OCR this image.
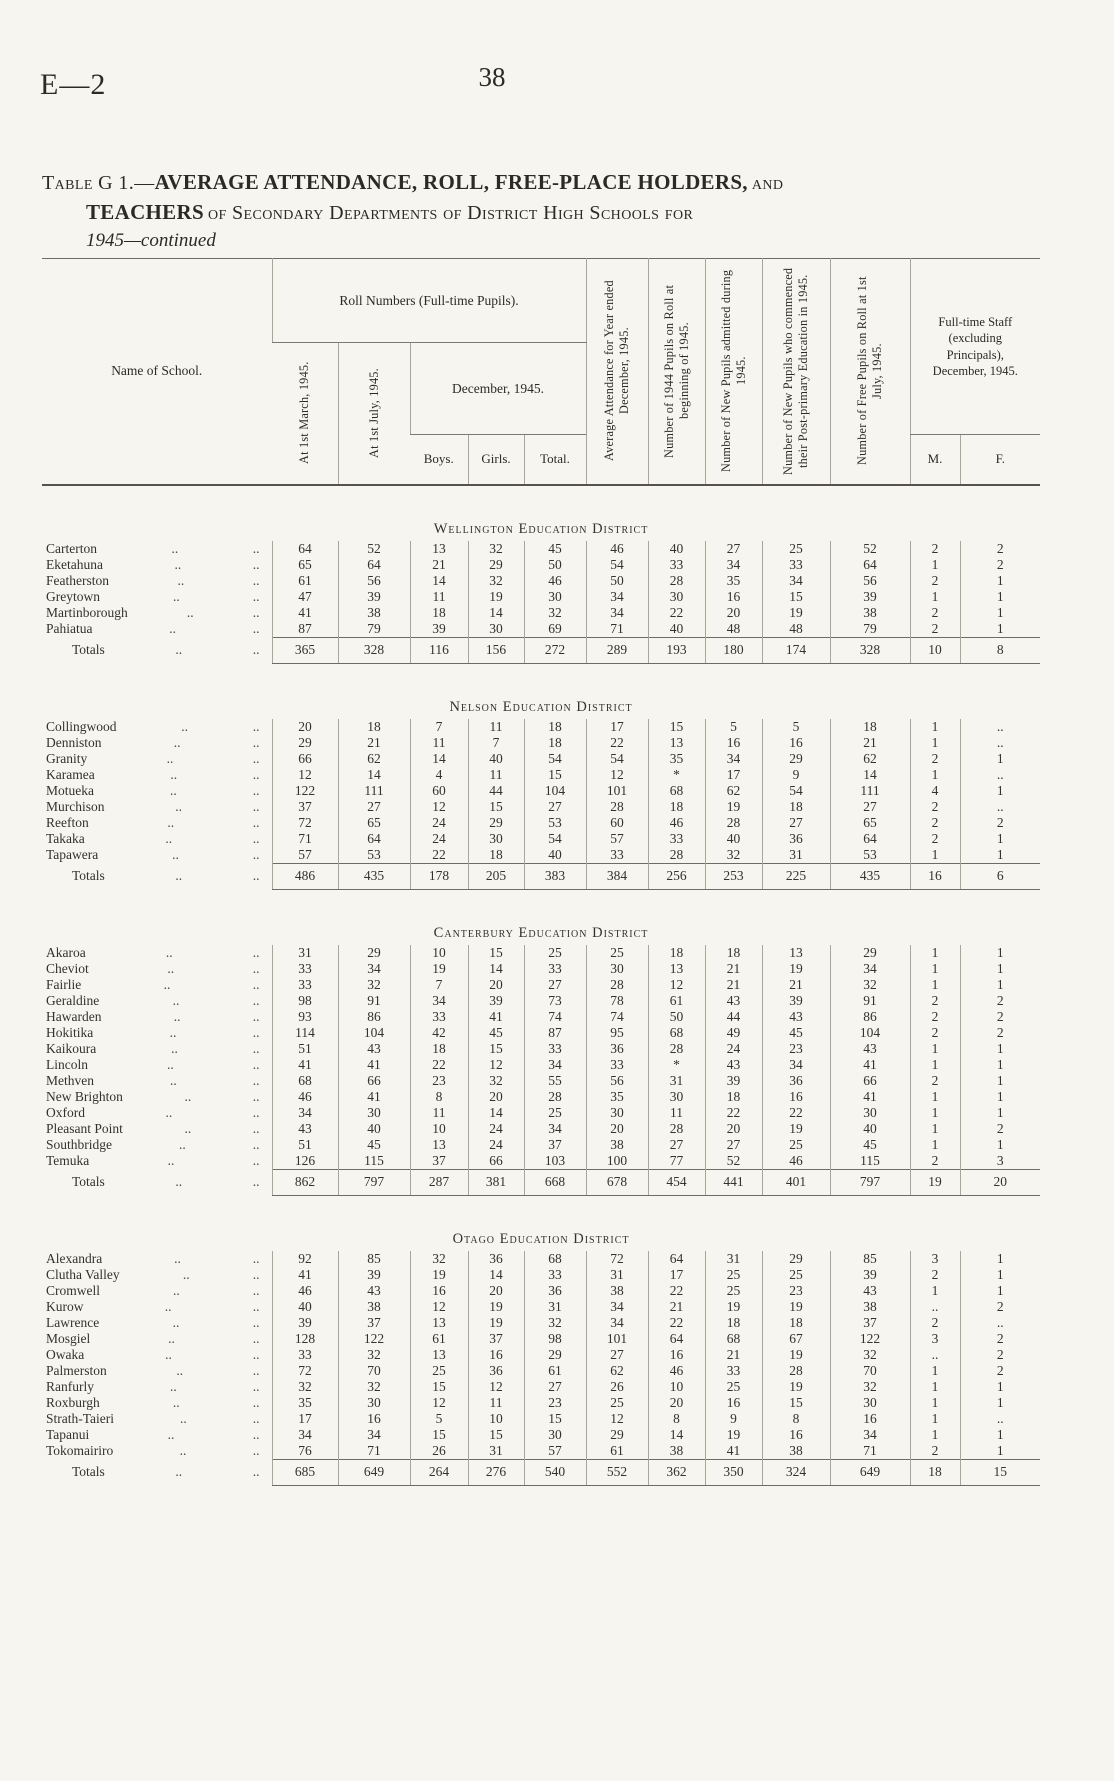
E—2	38
Table G 1.—AVERAGE ATTENDANCE, ROLL, FREE-PLACE HOLDERS, and
TEACHERS of Secondary Departments of District High Schools for
1945—continued
Name of School.	Roll Numbers (Full-time Pupils).					Average Attendance for Year ended December, 1945.	Number of 1944 Pupils on Roll at beginning of 1945.	Number of New Pupils admitted during 1945.	Number of New Pupils who commenced their Post-primary Education in 1945.	Number of Free Pupils on Roll at 1st July, 1945.	Full-time Staff (excluding Principals), December, 1945.	

	At 1st March, 1945.	At 1st July, 1945.	December, 1945.									
			Boys.	Girls.	Total.						M.	F.

Wellington Education District												

Carterton .. ..	64	52	13	32	45	46	40	27	25	52	2	2

Eketahuna .. ..	65	64	21	29	50	54	33	34	33	64	1	2

Featherston .. ..	61	56	14	32	46	50	28	35	34	56	2	1

Greytown .. ..	47	39	11	19	30	34	30	16	15	39	1	1

Martinborough .. ..	41	38	18	14	32	34	22	20	19	38	2	1

Pahiatua .. ..	87	79	39	30	69	71	40	48	48	79	2	1

Totals .. ..	365	328	116	156	272	289	193	180	174	328	10	8

Nelson Education District												

Collingwood .. ..	20	18	7	11	18	17	15	5	5	18	1	..

Denniston .. ..	29	21	11	7	18	22	13	16	16	21	1	..

Granity .. ..	66	62	14	40	54	54	35	34	29	62	2	1

Karamea .. ..	12	14	4	11	15	12	*	17	9	14	1	..

Motueka .. ..	122	111	60	44	104	101	68	62	54	111	4	1

Murchison .. ..	37	27	12	15	27	28	18	19	18	27	2	..

Reefton .. ..	72	65	24	29	53	60	46	28	27	65	2	2

Takaka .. ..	71	64	24	30	54	57	33	40	36	64	2	1

Tapawera .. ..	57	53	22	18	40	33	28	32	31	53	1	1

Totals .. ..	486	435	178	205	383	384	256	253	225	435	16	6

Canterbury Education District												

Akaroa .. ..	31	29	10	15	25	25	18	18	13	29	1	1

Cheviot .. ..	33	34	19	14	33	30	13	21	19	34	1	1

Fairlie .. ..	33	32	7	20	27	28	12	21	21	32	1	1

Geraldine .. ..	98	91	34	39	73	78	61	43	39	91	2	2

Hawarden .. ..	93	86	33	41	74	74	50	44	43	86	2	2

Hokitika .. ..	114	104	42	45	87	95	68	49	45	104	2	2

Kaikoura .. ..	51	43	18	15	33	36	28	24	23	43	1	1

Lincoln .. ..	41	41	22	12	34	33	*	43	34	41	1	1

Methven .. ..	68	66	23	32	55	56	31	39	36	66	2	1

New Brighton .. ..	46	41	8	20	28	35	30	18	16	41	1	1

Oxford .. ..	34	30	11	14	25	30	11	22	22	30	1	1

Pleasant Point .. ..	43	40	10	24	34	20	28	20	19	40	1	2

Southbridge .. ..	51	45	13	24	37	38	27	27	25	45	1	1

Temuka .. ..	126	115	37	66	103	100	77	52	46	115	2	3

Totals .. ..	862	797	287	381	668	678	454	441	401	797	19	20

Otago Education District												

Alexandra .. ..	92	85	32	36	68	72	64	31	29	85	3	1

Clutha Valley .. ..	41	39	19	14	33	31	17	25	25	39	2	1

Cromwell .. ..	46	43	16	20	36	38	22	25	23	43	1	1

Kurow .. ..	40	38	12	19	31	34	21	19	19	38	..	2

Lawrence .. ..	39	37	13	19	32	34	22	18	18	37	2	..

Mosgiel .. ..	128	122	61	37	98	101	64	68	67	122	3	2

Owaka .. ..	33	32	13	16	29	27	16	21	19	32	..	2

Palmerston .. ..	72	70	25	36	61	62	46	33	28	70	1	2

Ranfurly .. ..	32	32	15	12	27	26	10	25	19	32	1	1

Roxburgh .. ..	35	30	12	11	23	25	20	16	15	30	1	1

Strath-Taieri .. ..	17	16	5	10	15	12	8	9	8	16	1	..

Tapanui .. ..	34	34	15	15	30	29	14	19	16	34	1	1

Tokomairiro .. ..	76	71	26	31	57	61	38	41	38	71	2	1

Totals .. ..	685	649	264	276	540	552	362	350	324	649	18	15
